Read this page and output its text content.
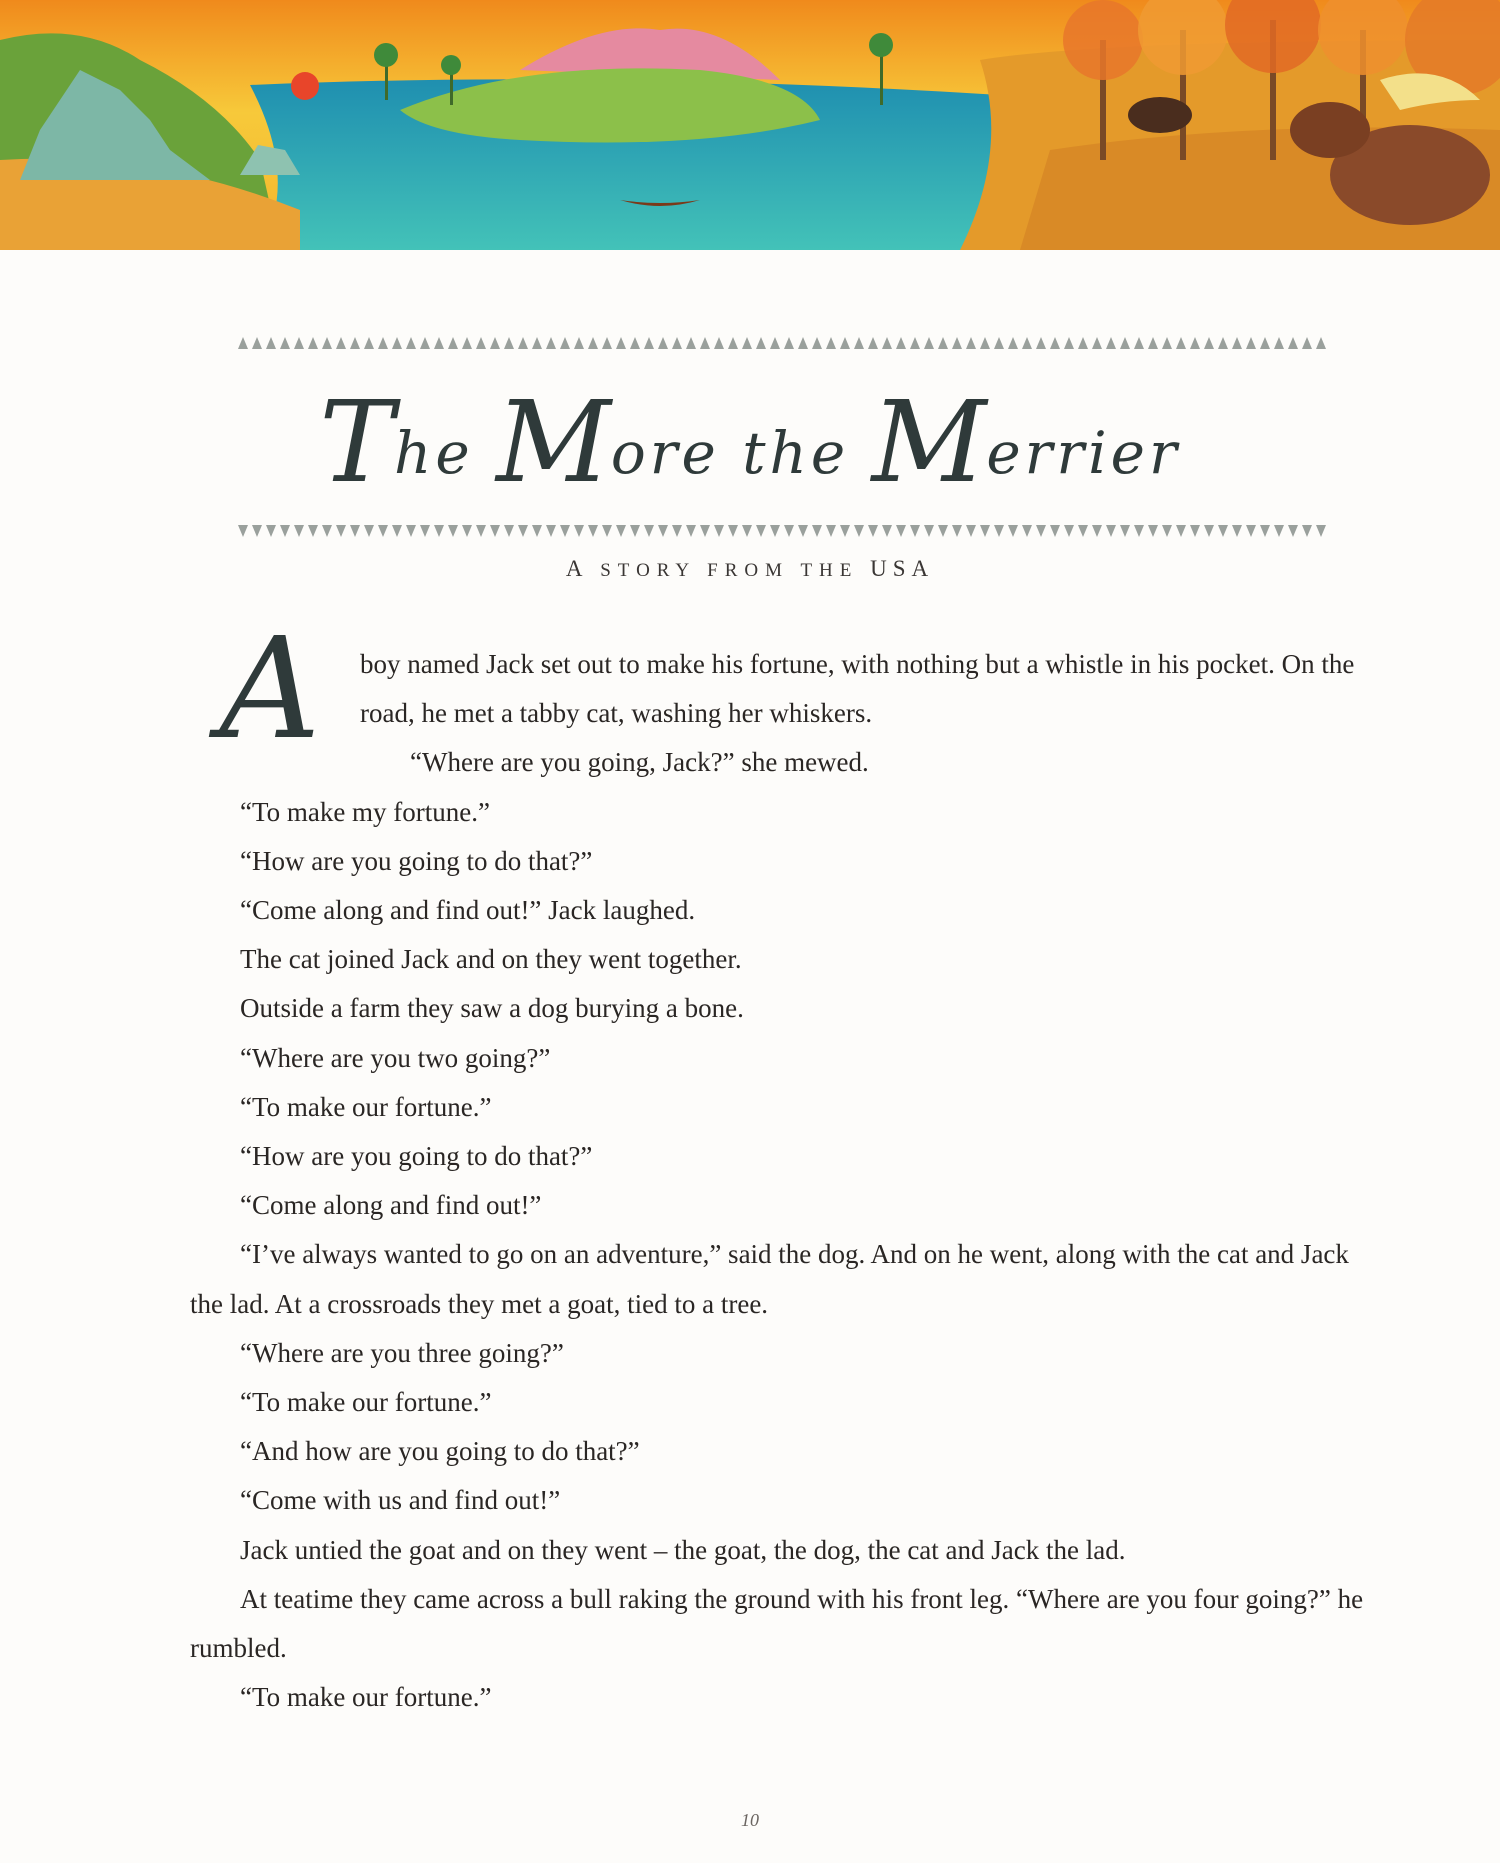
The More the Merrier
A STORY FROM THE USA
A	boy named Jack set out to make his fortune, with nothing but a whistle in his pocket. On the road, he met a tabby cat, washing her whiskers.

“Where are you going, Jack?” she mewed.

“To make my fortune.”

“How are you going to do that?”

“Come along and find out!” Jack laughed.

The cat joined Jack and on they went together.

Outside a farm they saw a dog burying a bone.

“Where are you two going?”

“To make our fortune.”

“How are you going to do that?”

“Come along and find out!”

“I’ve always wanted to go on an adventure,” said the dog. And on he went, along with the cat and Jack the lad. At a crossroads they met a goat, tied to a tree.

“Where are you three going?”

“To make our fortune.”

“And how are you going to do that?”

“Come with us and find out!”

Jack untied the goat and on they went – the goat, the dog, the cat and Jack the lad.

At teatime they came across a bull raking the ground with his front leg. “Where are you four going?” he rumbled.

“To make our fortune.”

10
